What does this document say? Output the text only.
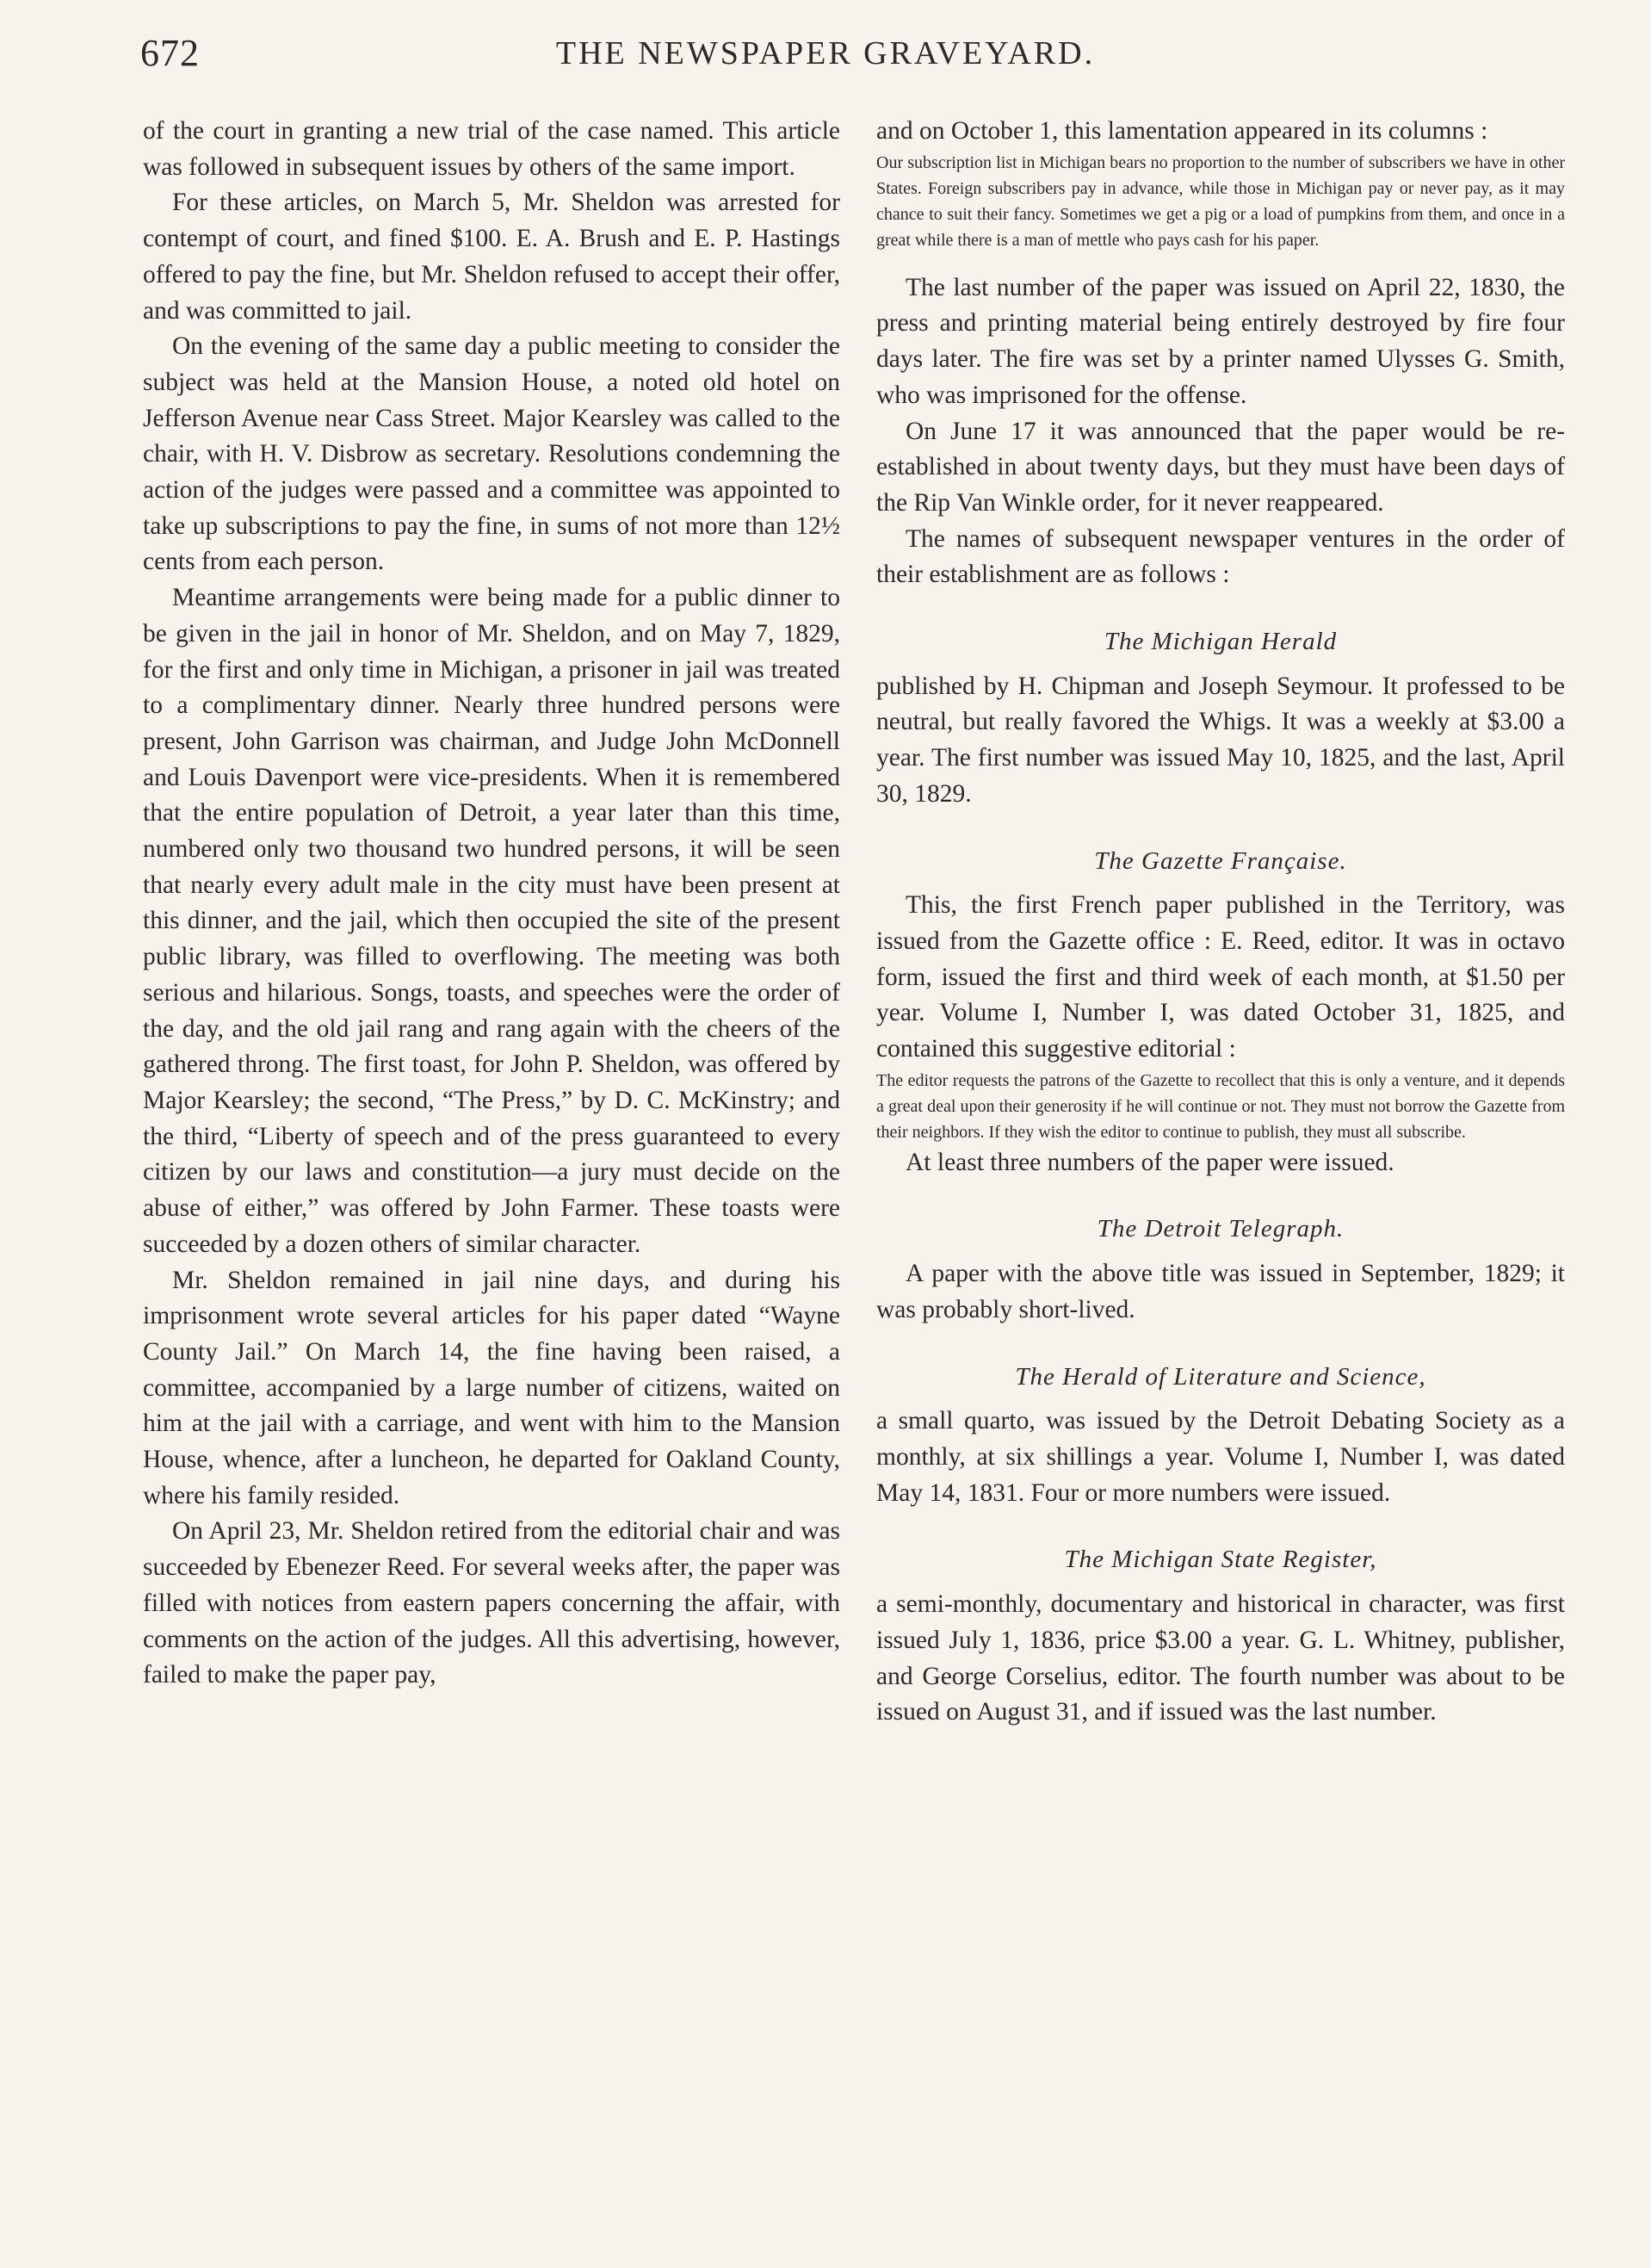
672	THE NEWSPAPER GRAVEYARD.

of the court in granting a new trial of the case named. This article was followed in subsequent issues by others of the same import.

For these articles, on March 5, Mr. Sheldon was arrested for contempt of court, and fined $100. E. A. Brush and E. P. Hastings offered to pay the fine, but Mr. Sheldon refused to accept their offer, and was committed to jail.

On the evening of the same day a public meeting to consider the subject was held at the Mansion House, a noted old hotel on Jefferson Avenue near Cass Street. Major Kearsley was called to the chair, with H. V. Disbrow as secretary. Resolutions condemning the action of the judges were passed and a committee was appointed to take up subscriptions to pay the fine, in sums of not more than 12½ cents from each person.

Meantime arrangements were being made for a public dinner to be given in the jail in honor of Mr. Sheldon, and on May 7, 1829, for the first and only time in Michigan, a prisoner in jail was treated to a complimentary dinner. Nearly three hundred persons were present, John Garrison was chairman, and Judge John McDonnell and Louis Davenport were vice-presidents. When it is remembered that the entire population of Detroit, a year later than this time, numbered only two thousand two hundred persons, it will be seen that nearly every adult male in the city must have been present at this dinner, and the jail, which then occupied the site of the present public library, was filled to overflowing. The meeting was both serious and hilarious. Songs, toasts, and speeches were the order of the day, and the old jail rang and rang again with the cheers of the gathered throng. The first toast, for John P. Sheldon, was offered by Major Kearsley; the second, “The Press,” by D. C. McKinstry; and the third, “Liberty of speech and of the press guaranteed to every citizen by our laws and constitution—a jury must decide on the abuse of either,” was offered by John Farmer. These toasts were succeeded by a dozen others of similar character.

Mr. Sheldon remained in jail nine days, and during his imprisonment wrote several articles for his paper dated “Wayne County Jail.” On March 14, the fine having been raised, a committee, accompanied by a large number of citizens, waited on him at the jail with a carriage, and went with him to the Mansion House, whence, after a luncheon, he departed for Oakland County, where his family resided.

On April 23, Mr. Sheldon retired from the editorial chair and was succeeded by Ebenezer Reed. For several weeks after, the paper was filled with notices from eastern papers concerning the affair, with comments on the action of the judges. All this advertising, however, failed to make the paper pay,

and on October 1, this lamentation appeared in its columns :

Our subscription list in Michigan bears no proportion to the number of subscribers we have in other States. Foreign subscribers pay in advance, while those in Michigan pay or never pay, as it may chance to suit their fancy. Sometimes we get a pig or a load of pumpkins from them, and once in a great while there is a man of mettle who pays cash for his paper.

The last number of the paper was issued on April 22, 1830, the press and printing material being entirely destroyed by fire four days later. The fire was set by a printer named Ulysses G. Smith, who was imprisoned for the offense.

On June 17 it was announced that the paper would be re-established in about twenty days, but they must have been days of the Rip Van Winkle order, for it never reappeared.

The names of subsequent newspaper ventures in the order of their establishment are as follows :

The Michigan Herald

published by H. Chipman and Joseph Seymour. It professed to be neutral, but really favored the Whigs. It was a weekly at $3.00 a year. The first number was issued May 10, 1825, and the last, April 30, 1829.

The Gazette Française.

This, the first French paper published in the Territory, was issued from the Gazette office : E. Reed, editor. It was in octavo form, issued the first and third week of each month, at $1.50 per year. Volume I, Number I, was dated October 31, 1825, and contained this suggestive editorial :

The editor requests the patrons of the Gazette to recollect that this is only a venture, and it depends a great deal upon their generosity if he will continue or not. They must not borrow the Gazette from their neighbors. If they wish the editor to continue to publish, they must all subscribe.

At least three numbers of the paper were issued.

The Detroit Telegraph.

A paper with the above title was issued in September, 1829; it was probably short-lived.

The Herald of Literature and Science,

a small quarto, was issued by the Detroit Debating Society as a monthly, at six shillings a year. Volume I, Number I, was dated May 14, 1831. Four or more numbers were issued.

The Michigan State Register,

a semi-monthly, documentary and historical in character, was first issued July 1, 1836, price $3.00 a year. G. L. Whitney, publisher, and George Corselius, editor. The fourth number was about to be issued on August 31, and if issued was the last number.
